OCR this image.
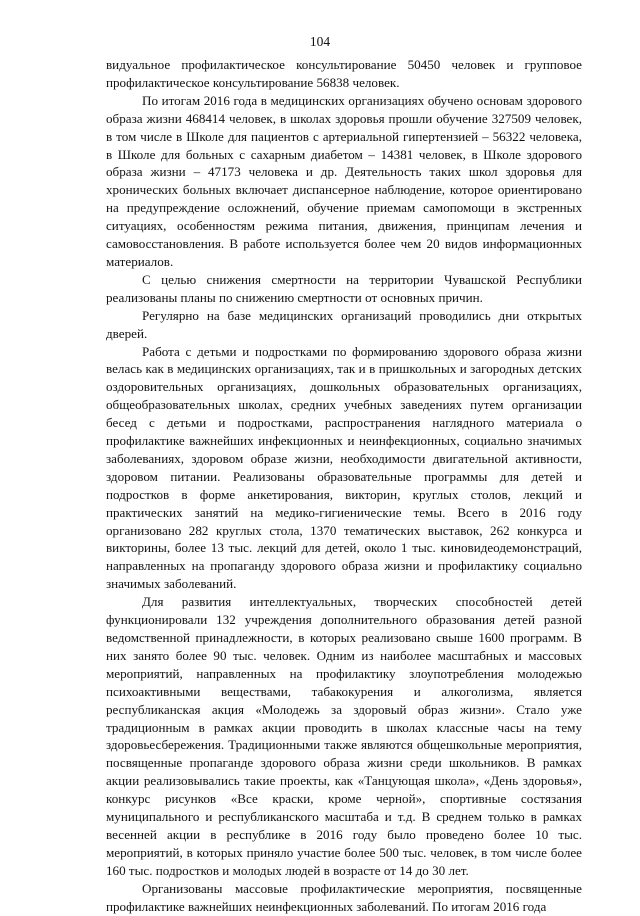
104

видуальное профилактическое консультирование 50450 человек и групповое профилактическое консультирование 56838 человек.

По итогам 2016 года в медицинских организациях обучено основам здорового образа жизни 468414 человек, в школах здоровья прошли обучение 327509 человек, в том числе в Школе для пациентов с артериальной гипертензией – 56322 человека, в Школе для больных с сахарным диабетом – 14381 человек, в Школе здорового образа жизни – 47173 человека и др. Деятельность таких школ здоровья для хронических больных включает диспансерное наблюдение, которое ориентировано на предупреждение осложнений, обучение приемам самопомощи в экстренных ситуациях, особенностям режима питания, движения, принципам лечения и самовосстановления. В работе используется более чем 20 видов информационных материалов.

С целью снижения смертности на территории Чувашской Республики реализованы планы по снижению смертности от основных причин.

Регулярно на базе медицинских организаций проводились дни открытых дверей.

Работа с детьми и подростками по формированию здорового образа жизни велась как в медицинских организациях, так и в пришкольных и загородных детских оздоровительных организациях, дошкольных образовательных организациях, общеобразовательных школах, средних учебных заведениях путем организации бесед с детьми и подростками, распространения наглядного материала о профилактике важнейших инфекционных и неинфекционных, социально значимых заболеваниях, здоровом образе жизни, необходимости двигательной активности, здоровом питании. Реализованы образовательные программы для детей и подростков в форме анкетирования, викторин, круглых столов, лекций и практических занятий на медико-гигиенические темы. Всего в 2016 году организовано 282 круглых стола, 1370 тематических выставок, 262 конкурса и викторины, более 13 тыс. лекций для детей, около 1 тыс. киновидеодемонстраций, направленных на пропаганду здорового образа жизни и профилактику социально значимых заболеваний.

Для развития интеллектуальных, творческих способностей детей функционировали 132 учреждения дополнительного образования детей разной ведомственной принадлежности, в которых реализовано свыше 1600 программ. В них занято более 90 тыс. человек. Одним из наиболее масштабных и массовых мероприятий, направленных на профилактику злоупотребления молодежью психоактивными веществами, табакокурения и алкоголизма, является республиканская акция «Молодежь за здоровый образ жизни». Стало уже традиционным в рамках акции проводить в школах классные часы на тему здоровьесбережения. Традиционными также являются общешкольные мероприятия, посвященные пропаганде здорового образа жизни среди школьников. В рамках акции реализовывались такие проекты, как «Танцующая школа», «День здоровья», конкурс рисунков «Все краски, кроме черной», спортивные состязания муниципального и республиканского масштаба и т.д. В среднем только в рамках весенней акции в республике в 2016 году было проведено более 10 тыс. мероприятий, в которых приняло участие более 500 тыс. человек, в том числе более 160 тыс. подростков и молодых людей в возрасте от 14 до 30 лет.

Организованы массовые профилактические мероприятия, посвященные профилактике важнейших неинфекционных заболеваний. По итогам 2016 года
